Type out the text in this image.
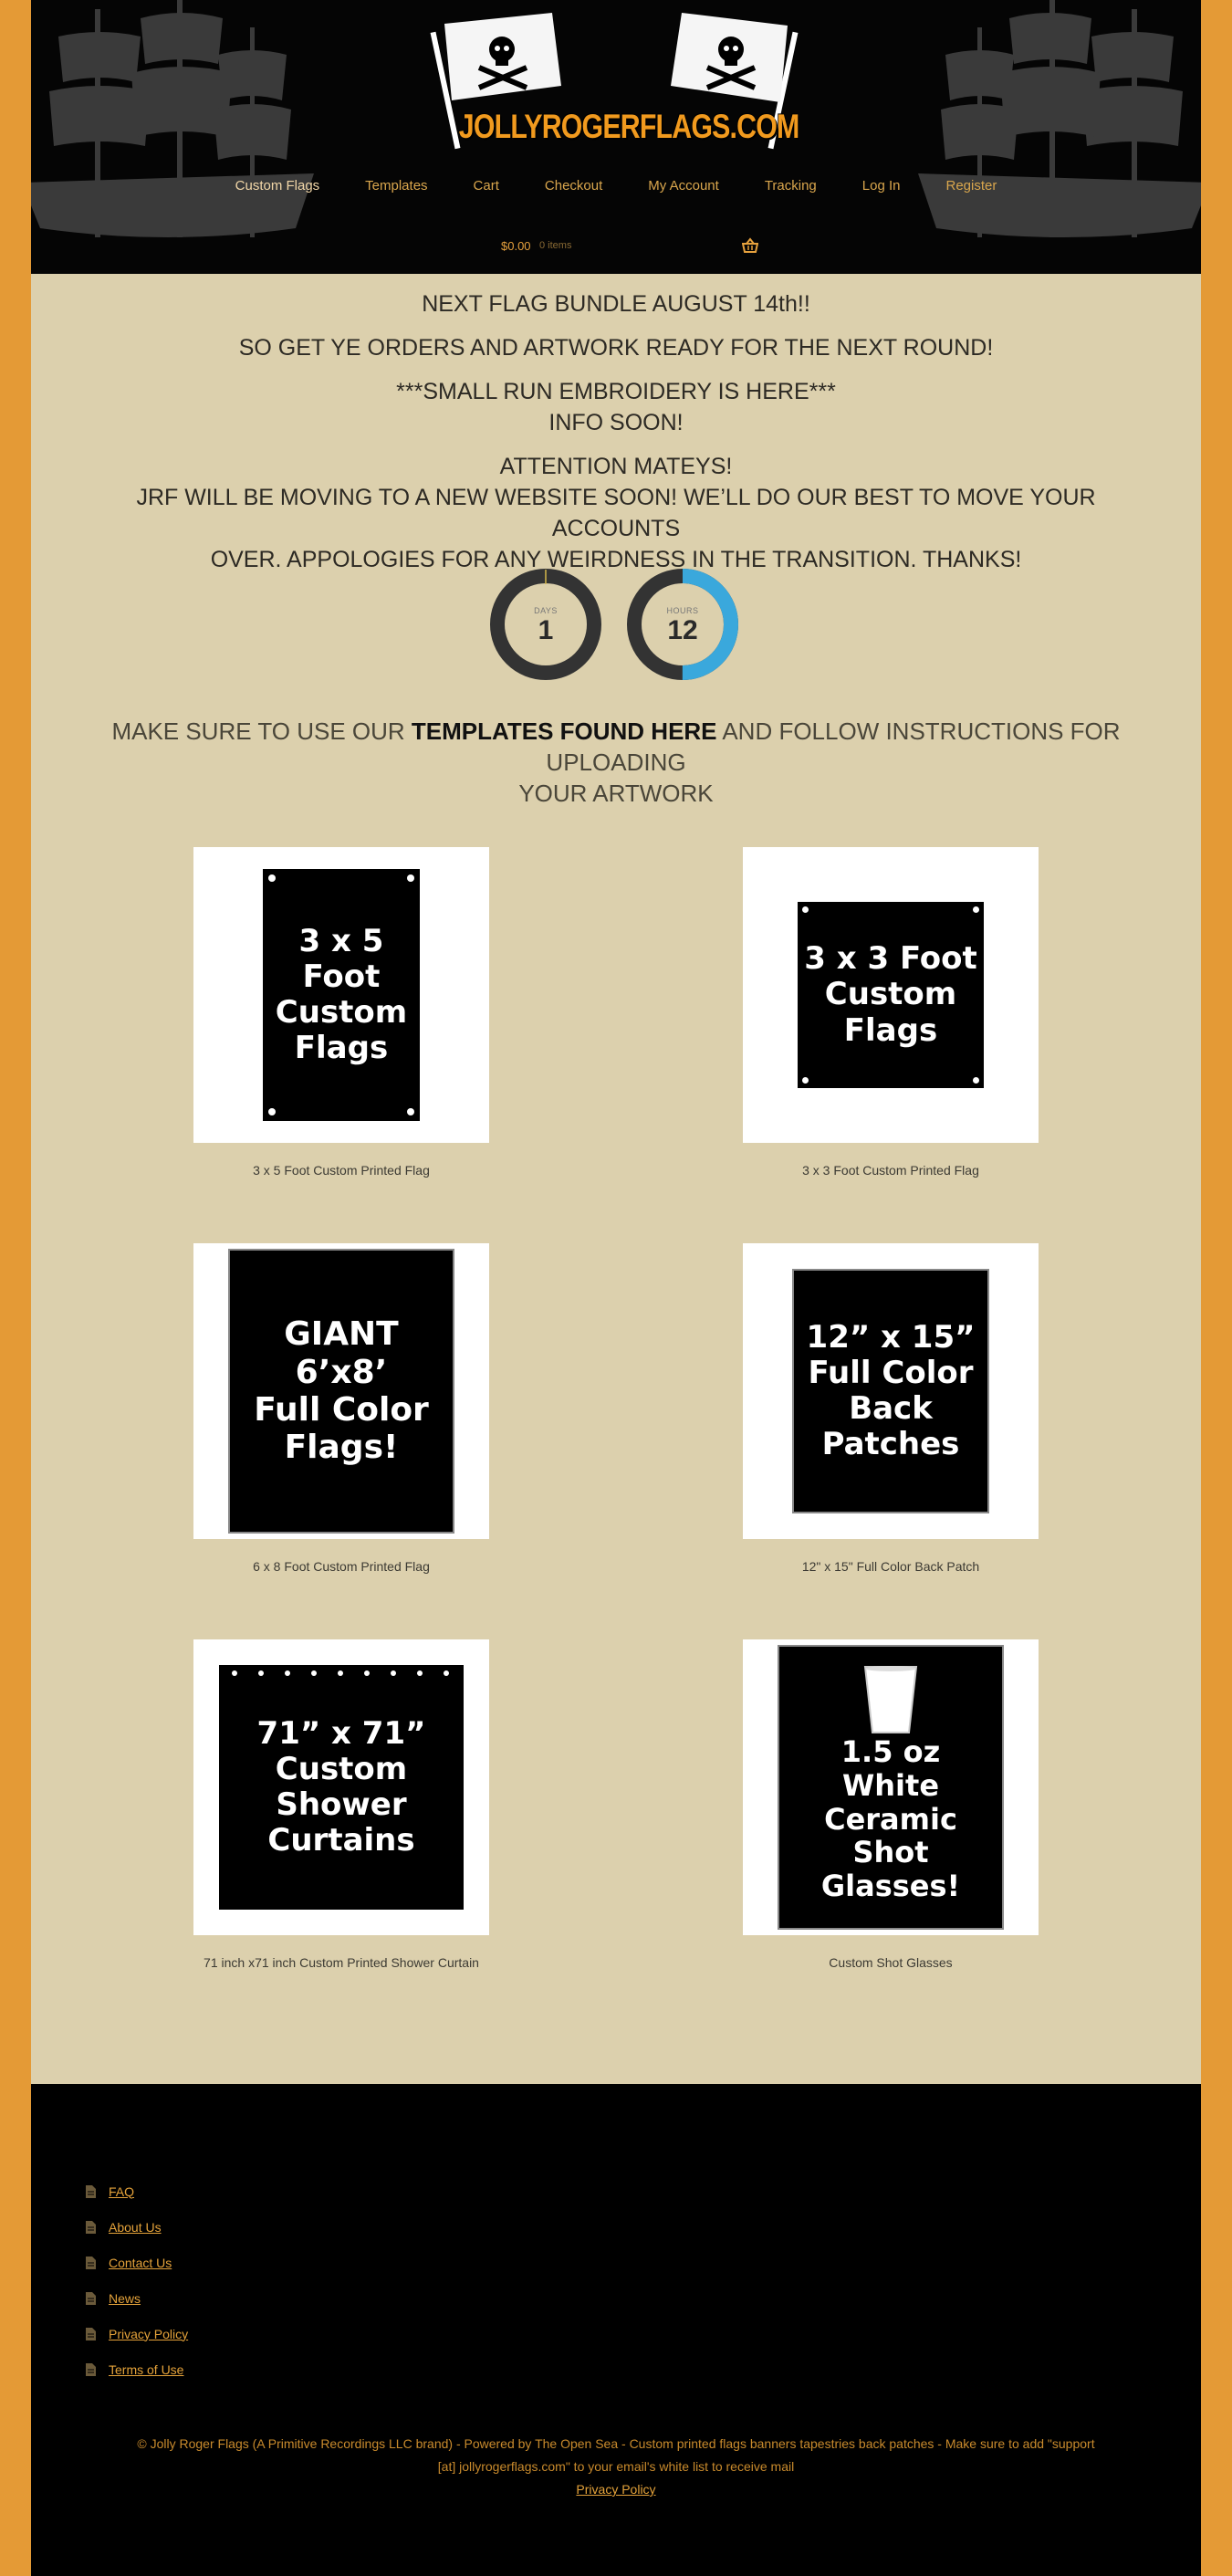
JOLLYROGERFLAGS.COM
Custom Flags	Templates	Cart	Checkout	My Account	Tracking	Log In	Register
$0.00 0 items
NEXT FLAG BUNDLE AUGUST 14th!!
SO GET YE ORDERS AND ARTWORK READY FOR THE NEXT ROUND!
***SMALL RUN EMBROIDERY IS HERE***
INFO SOON!
ATTENTION MATEYS!
JRF WILL BE MOVING TO A NEW WEBSITE SOON! WE’LL DO OUR BEST TO MOVE YOUR ACCOUNTS
OVER. APPOLOGIES FOR ANY WEIRDNESS IN THE TRANSITION. THANKS!
DAYS
1
HOURS
12
MAKE SURE TO USE OUR TEMPLATES FOUND HERE AND FOLLOW INSTRUCTIONS FOR UPLOADING
YOUR ARTWORK
3 x 5 Foot
Custom
Flags
3 x 5 Foot Custom Printed Flag
3 x 3 Foot
Custom
Flags
3 x 3 Foot Custom Printed Flag
GIANT
6’x8’
Full Color
Flags!
6 x 8 Foot Custom Printed Flag
12” x 15”
Full Color
Back
Patches
12" x 15" Full Color Back Patch
71” x 71”
Custom
Shower
Curtains
71 inch x71 inch Custom Printed Shower Curtain
1.5 oz
White
Ceramic
Shot
Glasses!
Custom Shot Glasses
FAQ
About Us
Contact Us
News
Privacy Policy
Terms of Use
© Jolly Roger Flags (A Primitive Recordings LLC brand) - Powered by The Open Sea - Custom printed flags banners tapestries back patches - Make sure to add "support
[at] jollyrogerflags.com" to your email's white list to receive mail
Privacy Policy
